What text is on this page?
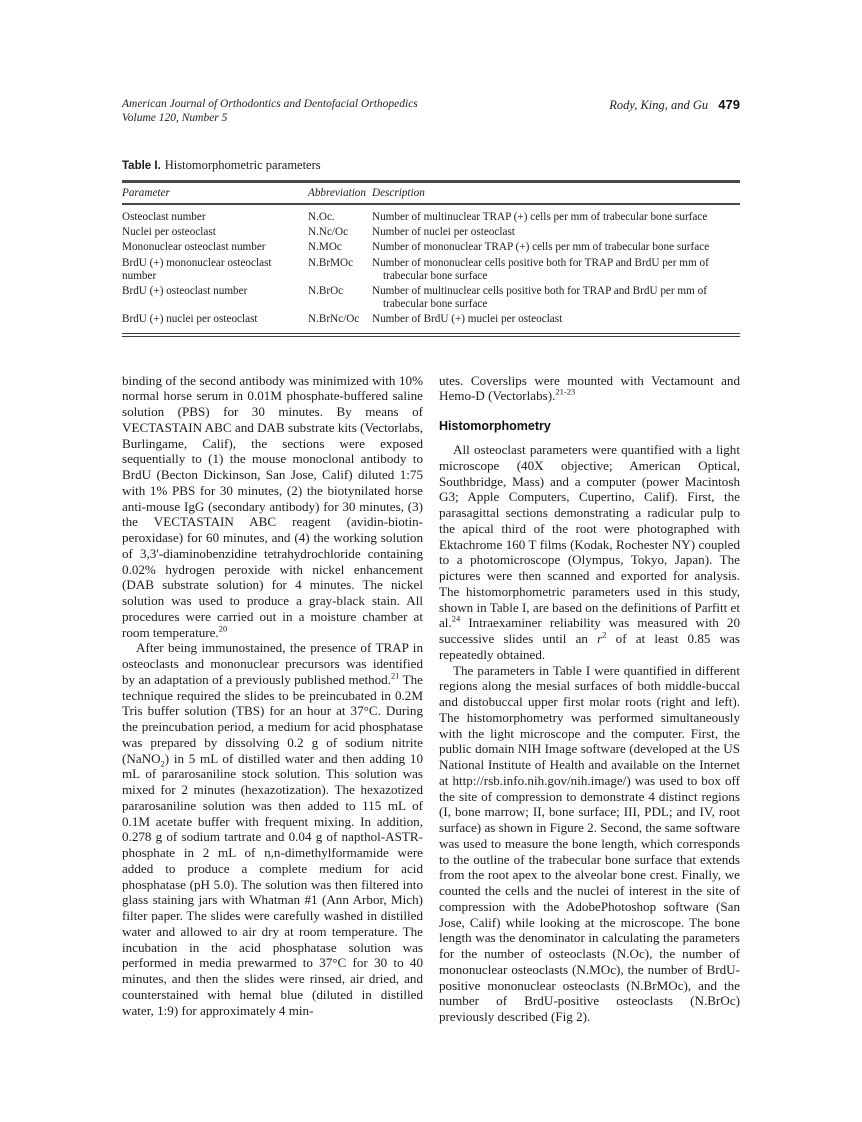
American Journal of Orthodontics and Dentofacial Orthopedics
Volume 120, Number 5
Rody, King, and Gu 479

Table I. Histomorphometric parameters

Parameter	Abbreviation	Description
Osteoclast number	N.Oc.	Number of multinuclear TRAP (+) cells per mm of trabecular bone surface

Nuclei per osteoclast	N.Nc/Oc	Number of nuclei per osteoclast

Mononuclear osteoclast number	N.MOc	Number of mononuclear TRAP (+) cells per mm of trabecular bone surface

BrdU (+) mononuclear osteoclast number	N.BrMOc	Number of mononuclear cells positive both for TRAP and BrdU per mm of trabecular bone surface

BrdU (+) osteoclast number	N.BrOc	Number of multinuclear cells positive both for TRAP and BrdU per mm of trabecular bone surface

BrdU (+) nuclei per osteoclast	N.BrNc/Oc	Number of BrdU (+) muclei per osteoclast

binding of the second antibody was minimized with 10% normal horse serum in 0.01M phosphate-buffered saline solution (PBS) for 30 minutes. By means of VECTASTAIN ABC and DAB substrate kits (Vectorlabs, Burlingame, Calif), the sections were exposed sequentially to (1) the mouse monoclonal antibody to BrdU (Becton Dickinson, San Jose, Calif) diluted 1:75 with 1% PBS for 30 minutes, (2) the biotynilated horse anti-mouse IgG (secondary antibody) for 30 minutes, (3) the VECTASTAIN ABC reagent (avidin-biotin-peroxidase) for 60 minutes, and (4) the working solution of 3,3'-diaminobenzidine tetrahydrochloride containing 0.02% hydrogen peroxide with nickel enhancement (DAB substrate solution) for 4 minutes. The nickel solution was used to produce a gray-black stain. All procedures were carried out in a moisture chamber at room temperature.$^{20}$

After being immunostained, the presence of TRAP in osteoclasts and mononuclear precursors was identified by an adaptation of a previously published method.$^{21}$ The technique required the slides to be preincubated in 0.2M Tris buffer solution (TBS) for an hour at 37°C. During the preincubation period, a medium for acid phosphatase was prepared by dissolving 0.2 g of sodium nitrite (NaNO$_2$) in 5 mL of distilled water and then adding 10 mL of pararosaniline stock solution. This solution was mixed for 2 minutes (hexazotization). The hexazotized pararosaniline solution was then added to 115 mL of 0.1M acetate buffer with frequent mixing. In addition, 0.278 g of sodium tartrate and 0.04 g of napthol-ASTR-phosphate in 2 mL of n,n-dimethylformamide were added to produce a complete medium for acid phosphatase (pH 5.0). The solution was then filtered into glass staining jars with Whatman #1 (Ann Arbor, Mich) filter paper. The slides were carefully washed in distilled water and allowed to air dry at room temperature. The incubation in the acid phosphatase solution was performed in media prewarmed to 37°C for 30 to 40 minutes, and then the slides were rinsed, air dried, and counterstained with hemal blue (diluted in distilled water, 1:9) for approximately 4 min-

utes. Coverslips were mounted with Vectamount and Hemo-D (Vectorlabs).$^{21-23}$

Histomorphometry

All osteoclast parameters were quantified with a light microscope (40X objective; American Optical, Southbridge, Mass) and a computer (power Macintosh G3; Apple Computers, Cupertino, Calif). First, the parasagittal sections demonstrating a radicular pulp to the apical third of the root were photographed with Ektachrome 160 T films (Kodak, Rochester NY) coupled to a photomicroscope (Olympus, Tokyo, Japan). The pictures were then scanned and exported for analysis. The histomorphometric parameters used in this study, shown in Table I, are based on the definitions of Parfitt et al.$^{24}$ Intraexaminer reliability was measured with 20 successive slides until an $r^2$ of at least 0.85 was repeatedly obtained.

The parameters in Table I were quantified in different regions along the mesial surfaces of both middle-buccal and distobuccal upper first molar roots (right and left). The histomorphometry was performed simultaneously with the light microscope and the computer. First, the public domain NIH Image software (developed at the US National Institute of Health and available on the Internet at http://rsb.info.nih.gov/nih.image/) was used to box off the site of compression to demonstrate 4 distinct regions (I, bone marrow; II, bone surface; III, PDL; and IV, root surface) as shown in Figure 2. Second, the same software was used to measure the bone length, which corresponds to the outline of the trabecular bone surface that extends from the root apex to the alveolar bone crest. Finally, we counted the cells and the nuclei of interest in the site of compression with the AdobePhotoshop software (San Jose, Calif) while looking at the microscope. The bone length was the denominator in calculating the parameters for the number of osteoclasts (N.Oc), the number of mononuclear osteoclasts (N.MOc), the number of BrdU-positive mononuclear osteoclasts (N.BrMOc), and the number of BrdU-positive osteoclasts (N.BrOc) previously described (Fig 2).
